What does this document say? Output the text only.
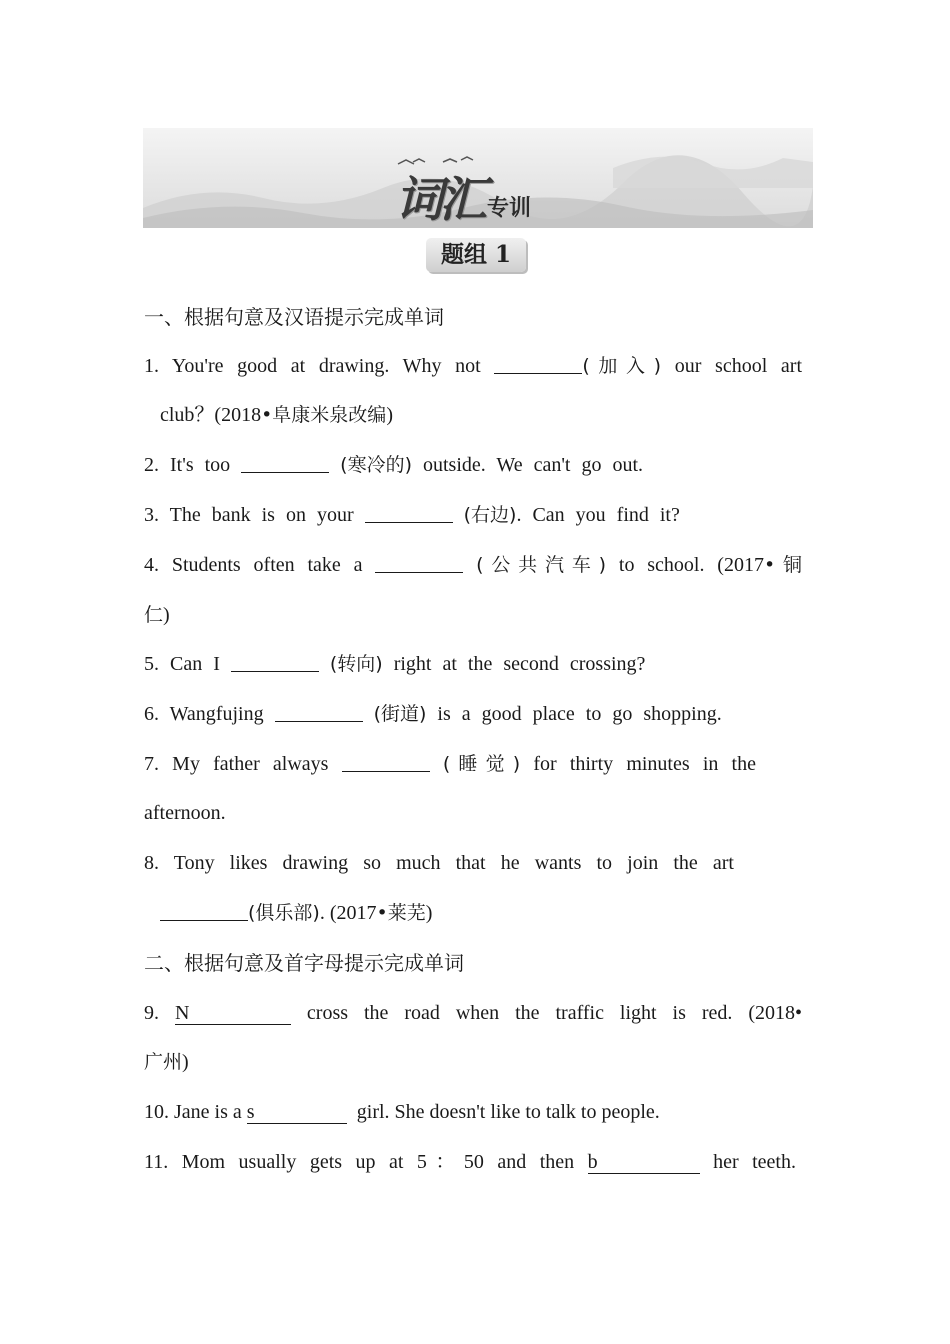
词汇 专训
题组 1
一、根据句意及汉语提示完成单词
1. You're good at drawing. Why not	(加入) our school art
club？(2018•阜康米泉改编)
2. It's too	(寒冷的) outside. We can't go out.
3. The bank is on your	(右边). Can you find it?
4. Students often take a	(公共汽车) to school. (2017•铜
仁)
5. Can I	(转向) right at the second crossing?
6. Wangfujing	(街道) is a good place to go shopping.
7. My father always	(睡觉) for thirty minutes in the
afternoon.
8. Tony likes drawing so much that he wants to join the art
(俱乐部). (2017•莱芜)
二、根据句意及首字母提示完成单词
9. N	cross the road when the traffic light is red. (2018•
广州)
10. Jane is a s	girl. She doesn't like to talk to people.
11. Mom usually gets up at 5：50 and then b	her teeth.
